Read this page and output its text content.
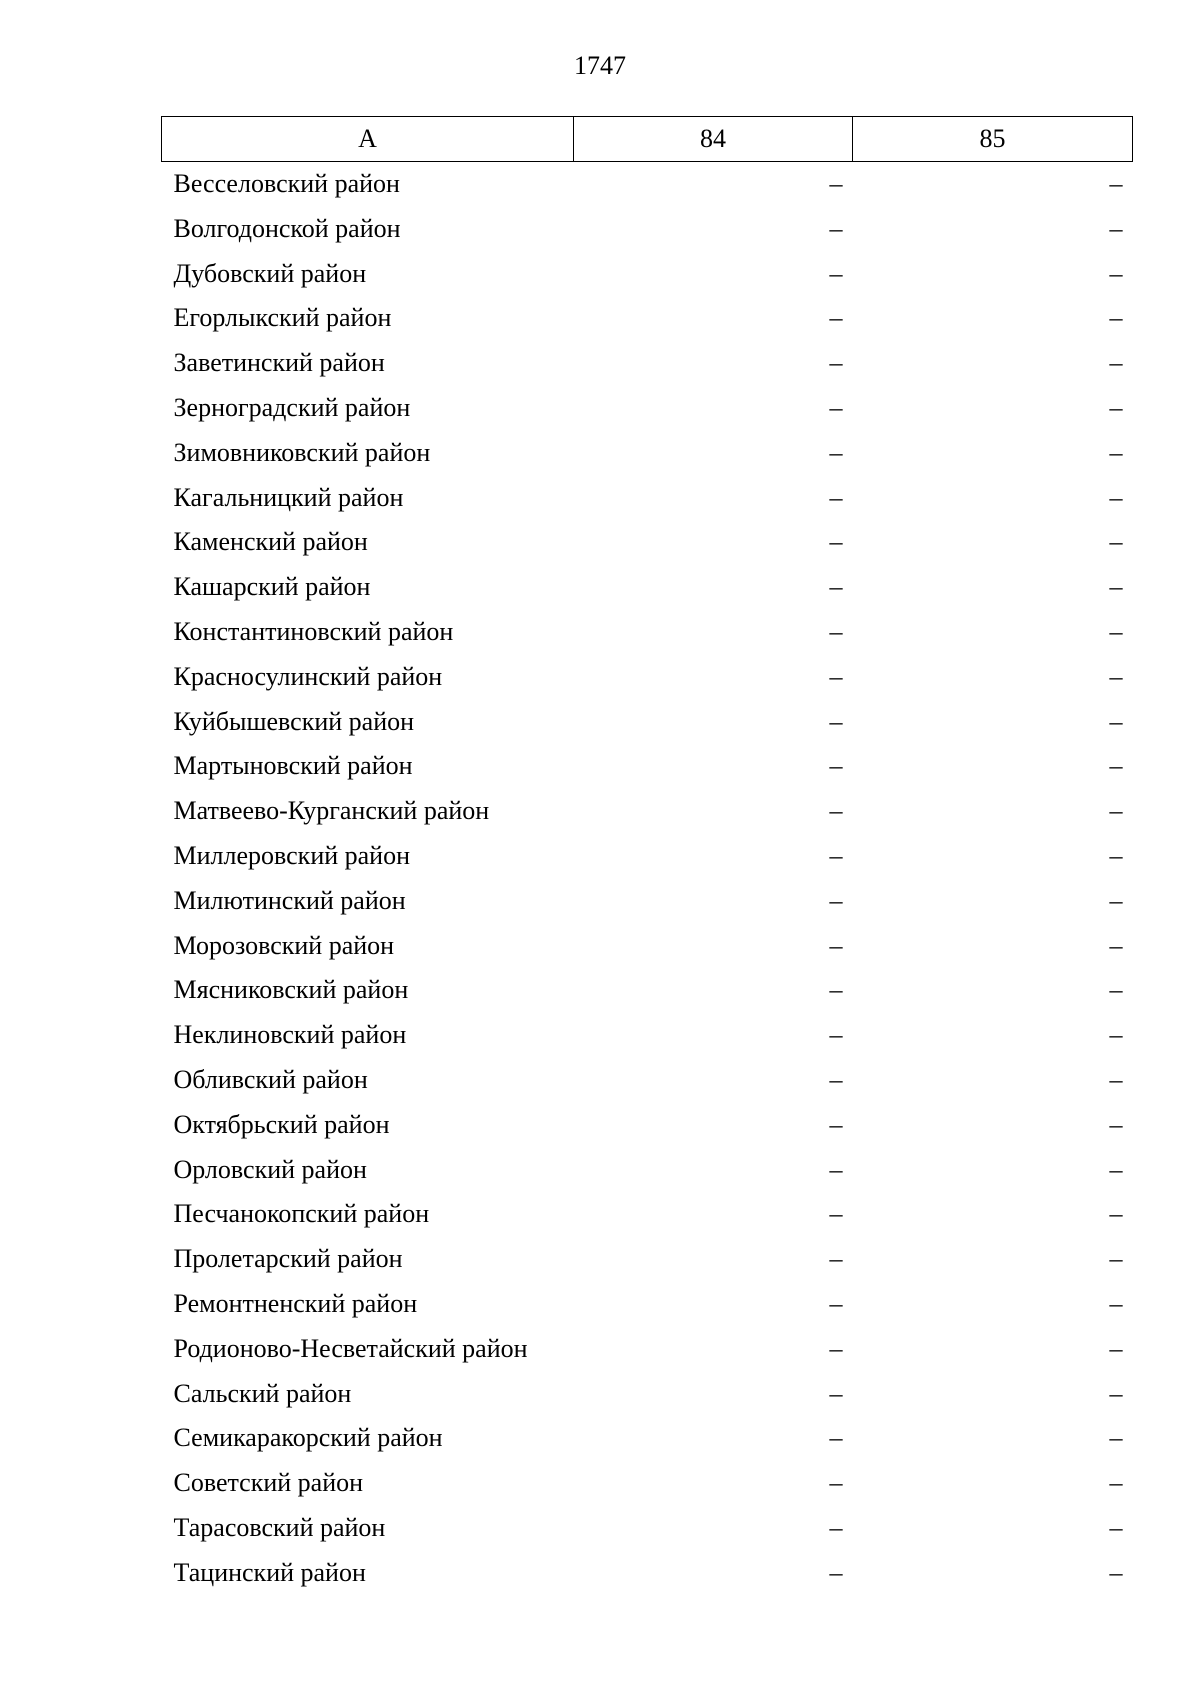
1747
А	84	85
Весселовский район	–	–
Волгодонской район	–	–
Дубовский район	–	–
Егорлыкский район	–	–
Заветинский район	–	–
Зерноградский район	–	–
Зимовниковский район	–	–
Кагальницкий район	–	–
Каменский район	–	–
Кашарский район	–	–
Константиновский район	–	–
Красносулинский район	–	–
Куйбышевский район	–	–
Мартыновский район	–	–
Матвеево-Курганский район	–	–
Миллеровский район	–	–
Милютинский район	–	–
Морозовский район	–	–
Мясниковский район	–	–
Неклиновский район	–	–
Обливский район	–	–
Октябрьский район	–	–
Орловский район	–	–
Песчанокопский район	–	–
Пролетарский район	–	–
Ремонтненский район	–	–
Родионово-Несветайский район	–	–
Сальский район	–	–
Семикаракорский район	–	–
Советский район	–	–
Тарасовский район	–	–
Тацинский район	–	–
